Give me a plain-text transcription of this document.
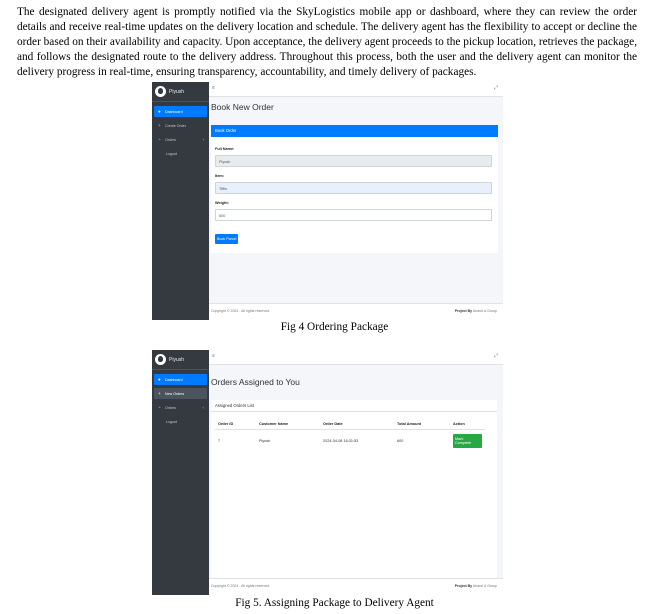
The designated delivery agent is promptly notified via the SkyLogistics mobile app or dashboard, where they can review the order details and receive real-time updates on the delivery location and schedule. The delivery agent has the flexibility to accept or decline the order based on their availability and capacity. Upon acceptance, the delivery agent proceeds to the pickup location, retrieves the package, and follows the designated route to the delivery address. Throughout this process, both the user and the delivery agent can monitor the delivery progress in real-time, ensuring transparency, accountability, and timely delivery of packages.
Piyush
●	Dashboard
+	Create Order
◔	Orders	‹
Logout
≡	⤢
Book New Order
Book Order
Full Name:
Piyush
Item:
Tiffin
Weight:
600
Book Parcel
Copyright © 2024 . All rights reserved.	Project By Anand & Group
Fig 4 Ordering Package
Piyush
●	Dashboard
+	New Orders
◔	Orders	‹
Logout
≡	⤢
Orders Assigned to You
Assigned Orders List
Order ID	Customer Name	Order Date	Total Amount	Action
7	Piyush	2024-04-08 16:31:53	600	Mark Complete
Copyright © 2024 . All rights reserved.	Project By Anand & Group
Fig 5. Assigning Package to Delivery Agent
